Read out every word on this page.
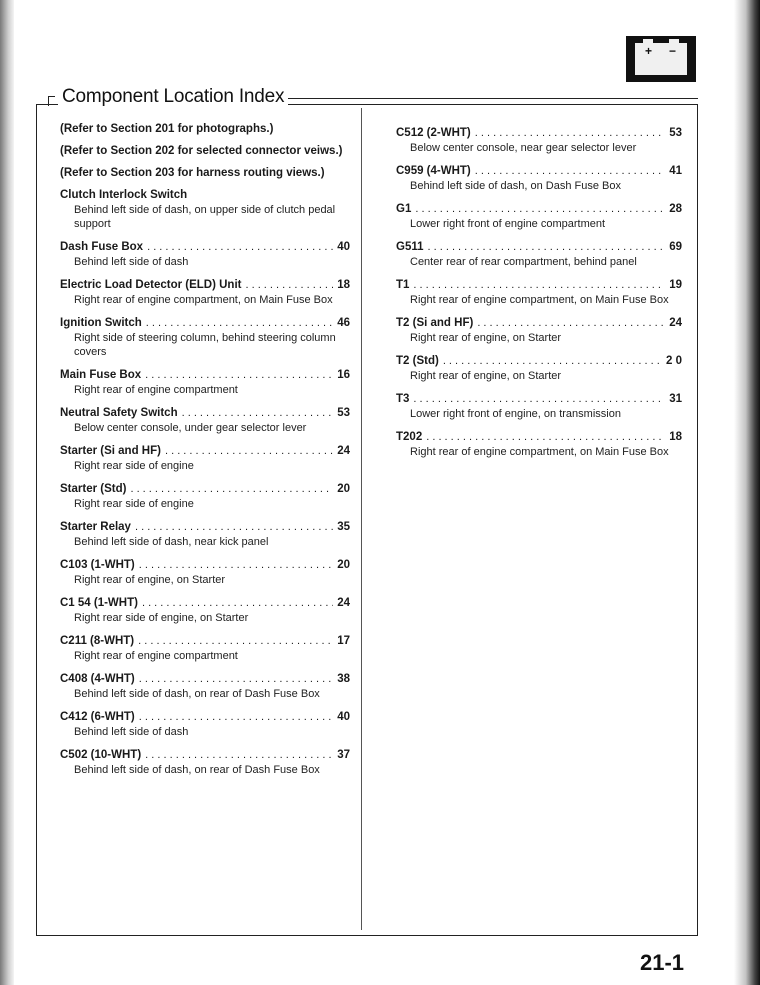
+ −
Component Location Index
(Refer to Section 201 for photographs.)
(Refer to Section 202 for selected connector veiws.)
(Refer to Section 203 for harness routing views.)
Clutch Interlock Switch
Behind left side of dash, on upper side of clutch pedal support
Dash Fuse Box . . .	40
Behind left side of dash
Electric Load Detector (ELD) Unit . . .	18
Right rear of engine compartment, on Main Fuse Box
Ignition Switch . . .	46
Right side of steering column, behind steering column covers
Main Fuse Box . . .	16
Right rear of engine compartment
Neutral Safety Switch . . .	53
Below center console, under gear selector lever
Starter (Si and HF) . . .	24
Right rear side of engine
Starter (Std) . . .	20
Right rear side of engine
Starter Relay . . .	35
Behind left side of dash, near kick panel
C103 (1-WHT) . . .	20
Right rear of engine, on Starter
C1 54 (1-WHT) . . .	24
Right rear side of engine, on Starter
C211 (8-WHT) . . .	17
Right rear of engine compartment
C408 (4-WHT) . . .	38
Behind left side of dash, on rear of Dash Fuse Box
C412 (6-WHT) . . .	40
Behind left side of dash
C502 (10-WHT) . . .	37
Behind left side of dash, on rear of Dash Fuse Box
C512 (2-WHT) . . .	53
Below center console, near gear selector lever
C959 (4-WHT) . . .	41
Behind left side of dash, on Dash Fuse Box
G1 . . .	28
Lower right front of engine compartment
G511 . . .	69
Center rear of rear compartment, behind panel
T1 . . .	19
Right rear of engine compartment, on Main Fuse Box
T2 (Si and HF) . . .	24
Right rear of engine, on Starter
T2 (Std) . . .	2 0
Right rear of engine, on Starter
T3 . . .	31
Lower right front of engine, on transmission
T202 . . .	18
Right rear of engine compartment, on Main Fuse Box
21-1
